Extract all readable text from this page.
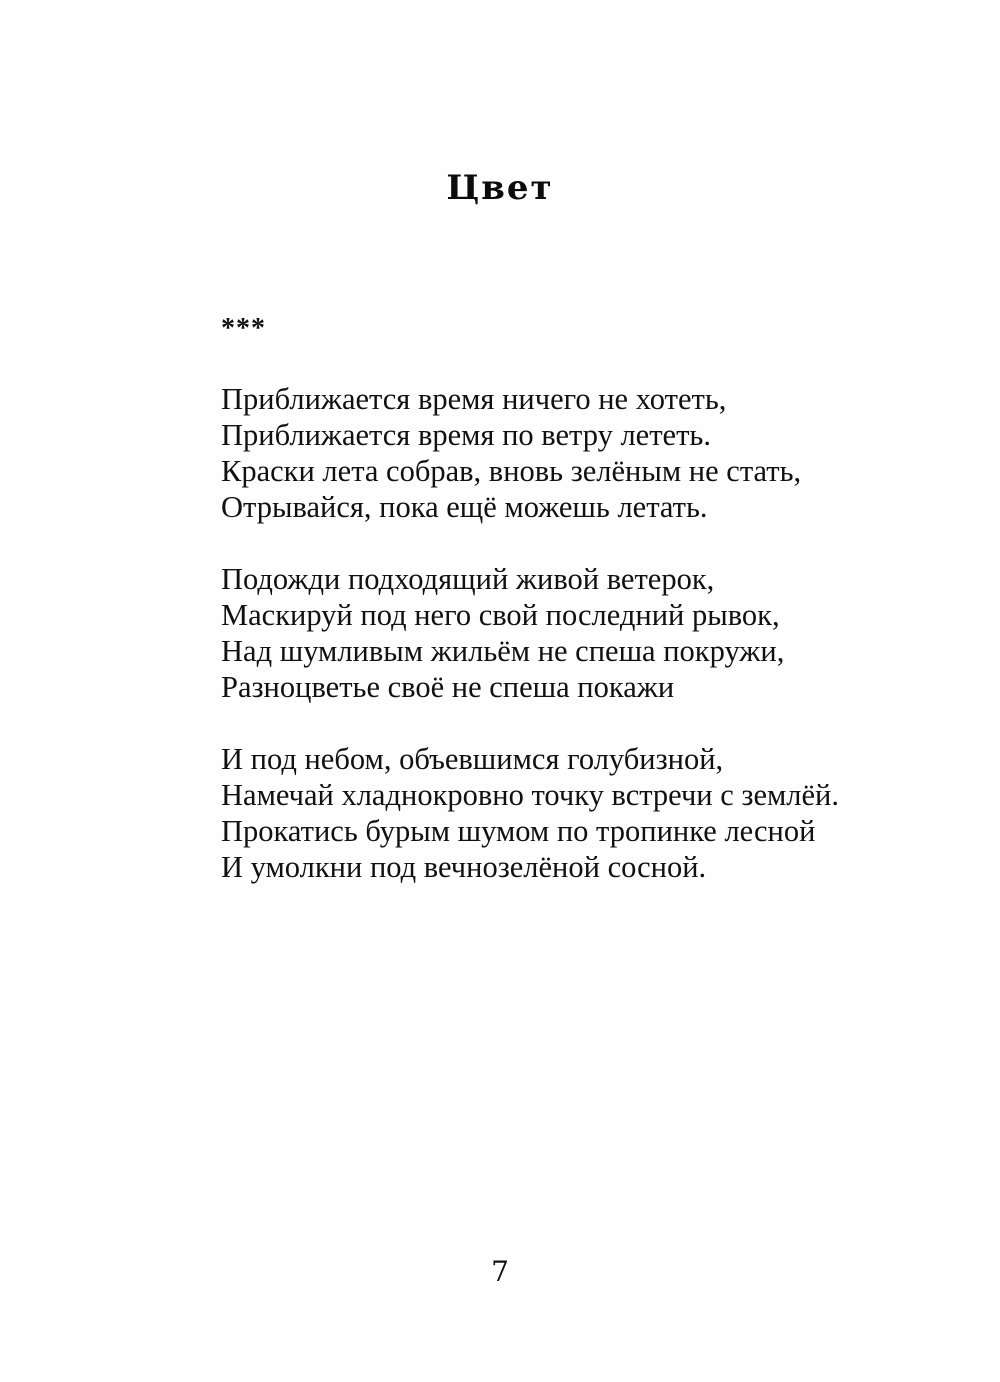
Цвет
***
Приближается время ничего не хотеть,
Приближается время по ветру лететь.
Краски лета собрав, вновь зелёным не стать,
Отрывайся, пока ещё можешь летать.
Подожди подходящий живой ветерок,
Маскируй под него свой последний рывок,
Над шумливым жильём не спеша покружи,
Разноцветье своё не спеша покажи
И под небом, объевшимся голубизной,
Намечай хладнокровно точку встречи с землёй.
Прокатись бурым шумом по тропинке лесной
И умолкни под вечнозелёной сосной.
7
